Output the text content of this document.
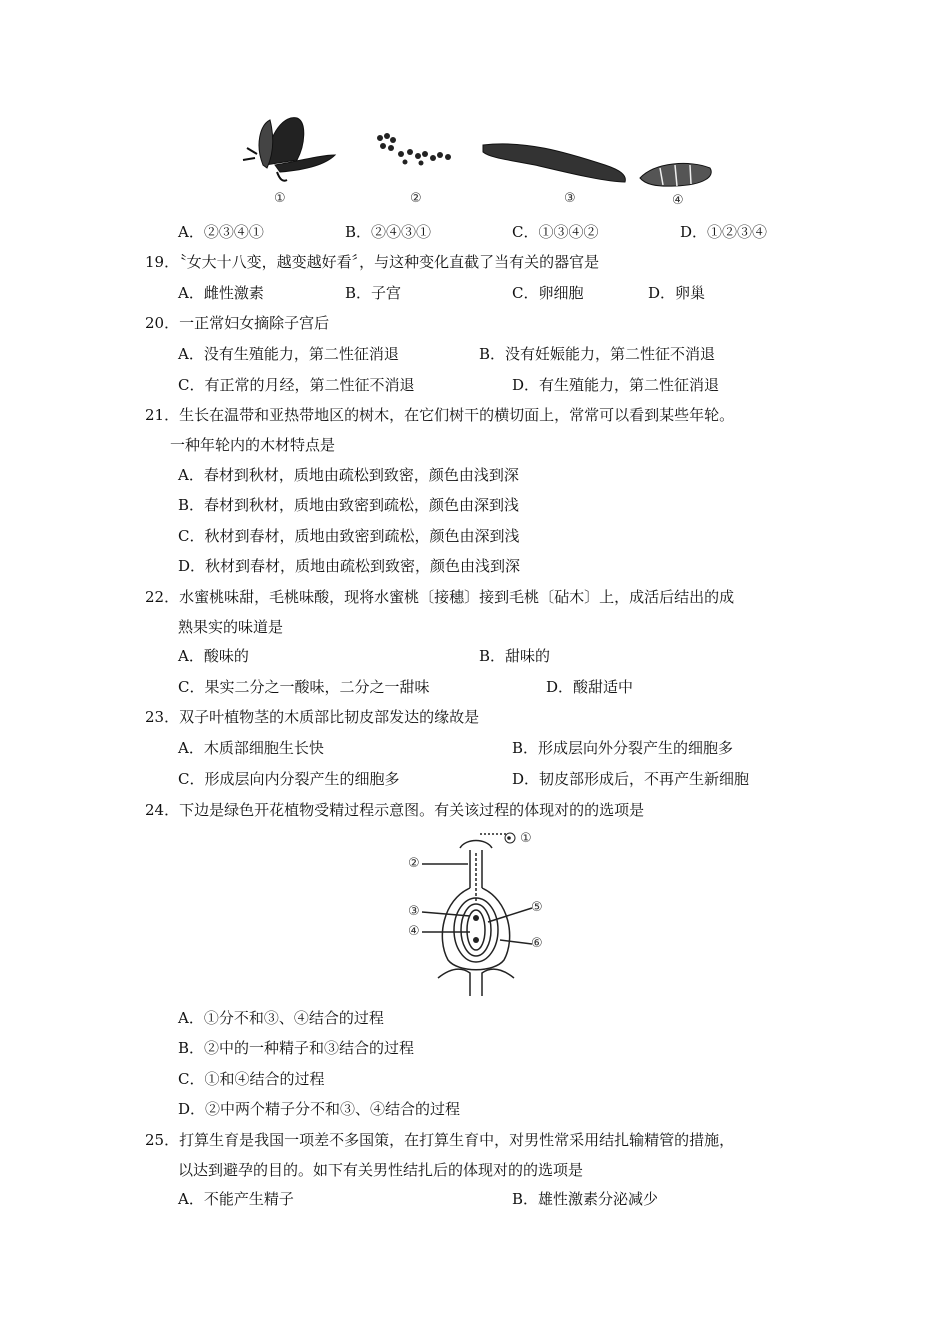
①	②	③	④
A．②③④①	B．②④③①	C．①③④②	D．①②③④
19．〝女大十八变，越变越好看〞，与这种变化直截了当有关的器官是
A．雌性激素	B．子宫	C．卵细胞	D．卵巢
20．一正常妇女摘除子宫后
A．没有生殖能力，第二性征消退	B．没有妊娠能力，第二性征不消退
C．有正常的月经，第二性征不消退	D．有生殖能力，第二性征消退
21．生长在温带和亚热带地区的树木，在它们树干的横切面上，常常可以看到某些年轮。
一种年轮内的木材特点是
A．春材到秋材，质地由疏松到致密，颜色由浅到深
B．春材到秋材，质地由致密到疏松，颜色由深到浅
C．秋材到春材，质地由致密到疏松，颜色由深到浅
D．秋材到春材，质地由疏松到致密，颜色由浅到深
22．水蜜桃味甜，毛桃味酸，现将水蜜桃〔接穗〕接到毛桃〔砧木〕上，成活后结出的成
熟果实的味道是
A．酸味的	B．甜味的
C．果实二分之一酸味，二分之一甜味	D．酸甜适中
23．双子叶植物茎的木质部比韧皮部发达的缘故是
A．木质部细胞生长快	B．形成层向外分裂产生的细胞多
C．形成层向内分裂产生的细胞多	D．韧皮部形成后，不再产生新细胞
24．下边是绿色开花植物受精过程示意图。有关该过程的体现对的的选项是
①
②
③
④
⑤
⑥
A．①分不和③、④结合的过程
B．②中的一种精子和③结合的过程
C．①和④结合的过程
D．②中两个精子分不和③、④结合的过程
25．打算生育是我国一项差不多国策，在打算生育中，对男性常采用结扎输精管的措施，
以达到避孕的目的。如下有关男性结扎后的体现对的的选项是
A．不能产生精子	B．雄性激素分泌减少
